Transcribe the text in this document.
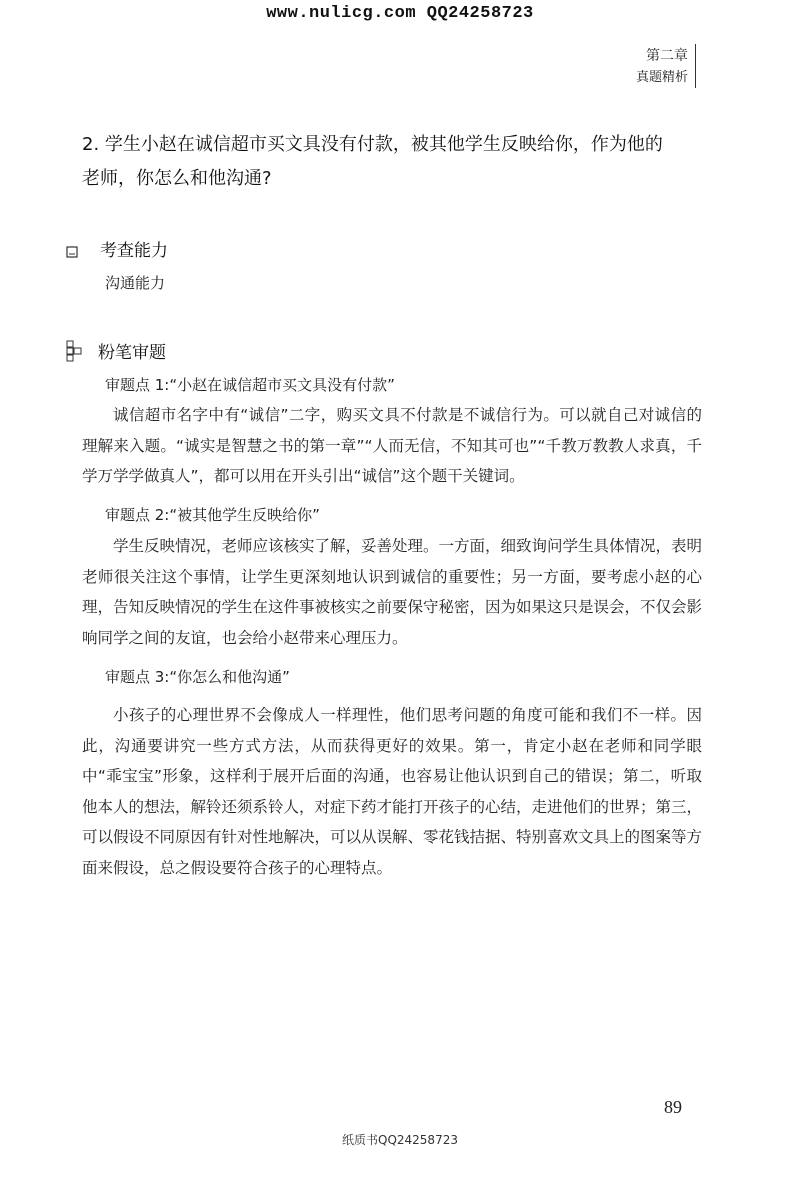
www.nulicg.com QQ24258723
第二章
真题精析
2. 学生小赵在诚信超市买文具没有付款，被其他学生反映给你，作为他的
老师，你怎么和他沟通?
考查能力
沟通能力
粉笔审题
审题点 1:“小赵在诚信超市买文具没有付款”
诚信超市名字中有“诚信”二字，购买文具不付款是不诚信行为。可以就自己对诚信的理解来入题。“诚实是智慧之书的第一章”“人而无信，不知其可也”“千教万教教人求真，千学万学学做真人”，都可以用在开头引出“诚信”这个题干关键词。
审题点 2:“被其他学生反映给你”
学生反映情况，老师应该核实了解，妥善处理。一方面，细致询问学生具体情况，表明老师很关注这个事情，让学生更深刻地认识到诚信的重要性；另一方面，要考虑小赵的心理，告知反映情况的学生在这件事被核实之前要保守秘密，因为如果这只是误会，不仅会影响同学之间的友谊，也会给小赵带来心理压力。
审题点 3:“你怎么和他沟通”
小孩子的心理世界不会像成人一样理性，他们思考问题的角度可能和我们不一样。因此，沟通要讲究一些方式方法，从而获得更好的效果。第一，肯定小赵在老师和同学眼中“乖宝宝”形象，这样利于展开后面的沟通，也容易让他认识到自己的错误；第二，听取他本人的想法，解铃还须系铃人，对症下药才能打开孩子的心结，走进他们的世界；第三，可以假设不同原因有针对性地解决，可以从误解、零花钱拮据、特别喜欢文具上的图案等方面来假设，总之假设要符合孩子的心理特点。
89
纸质书QQ24258723
